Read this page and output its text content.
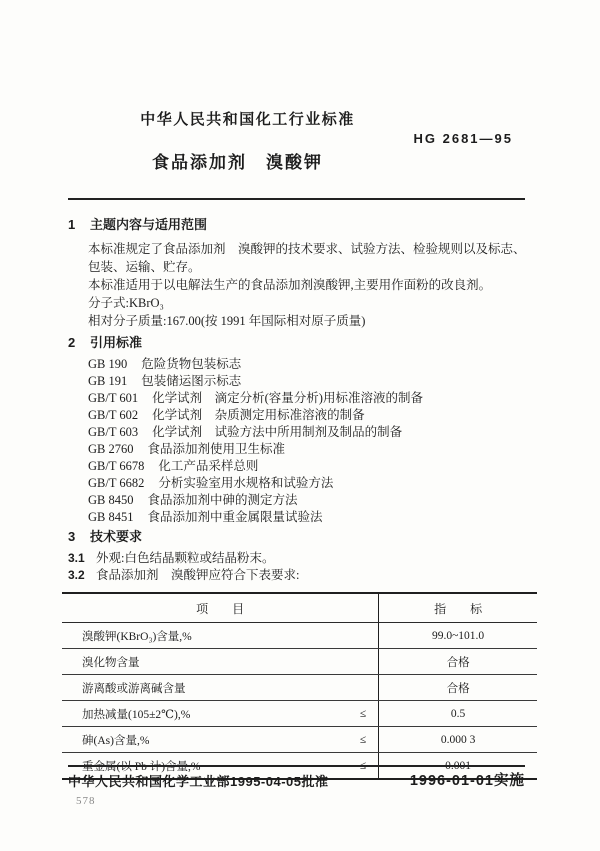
中华人民共和国化工行业标准
HG 2681—95
食品添加剂　溴酸钾
1 主题内容与适用范围
本标准规定了食品添加剂　溴酸钾的技术要求、试验方法、检验规则以及标志、包装、运输、贮存。
本标准适用于以电解法生产的食品添加剂溴酸钾,主要用作面粉的改良剂。
分子式:KBrO₃
相对分子质量:167.00(按 1991 年国际相对原子质量)
2 引用标准
GB 190 危险货物包装标志
GB 191 包装储运图示标志
GB/T 601 化学试剂　滴定分析(容量分析)用标准溶液的制备
GB/T 602 化学试剂　杂质测定用标准溶液的制备
GB/T 603 化学试剂　试验方法中所用制剂及制品的制备
GB 2760 食品添加剂使用卫生标准
GB/T 6678 化工产品采样总则
GB/T 6682 分析实验室用水规格和试验方法
GB 8450 食品添加剂中砷的测定方法
GB 8451 食品添加剂中重金属限量试验法
3 技术要求
3.1 外观:白色结晶颗粒或结晶粉末。
3.2 食品添加剂　溴酸钾应符合下表要求:
项　　目		指　　标
溴酸钾(KBrO₃)含量,%		99.0~101.0
溴化物含量		合格
游离酸或游离碱含量		合格
加热减量(105±2℃),%	≤	0.5
砷(As)含量,%	≤	0.000 3
重金属(以 Pb 计)含量,%	≤	0.001
中华人民共和国化学工业部1995-04-05批准	1996-01-01实施
578
